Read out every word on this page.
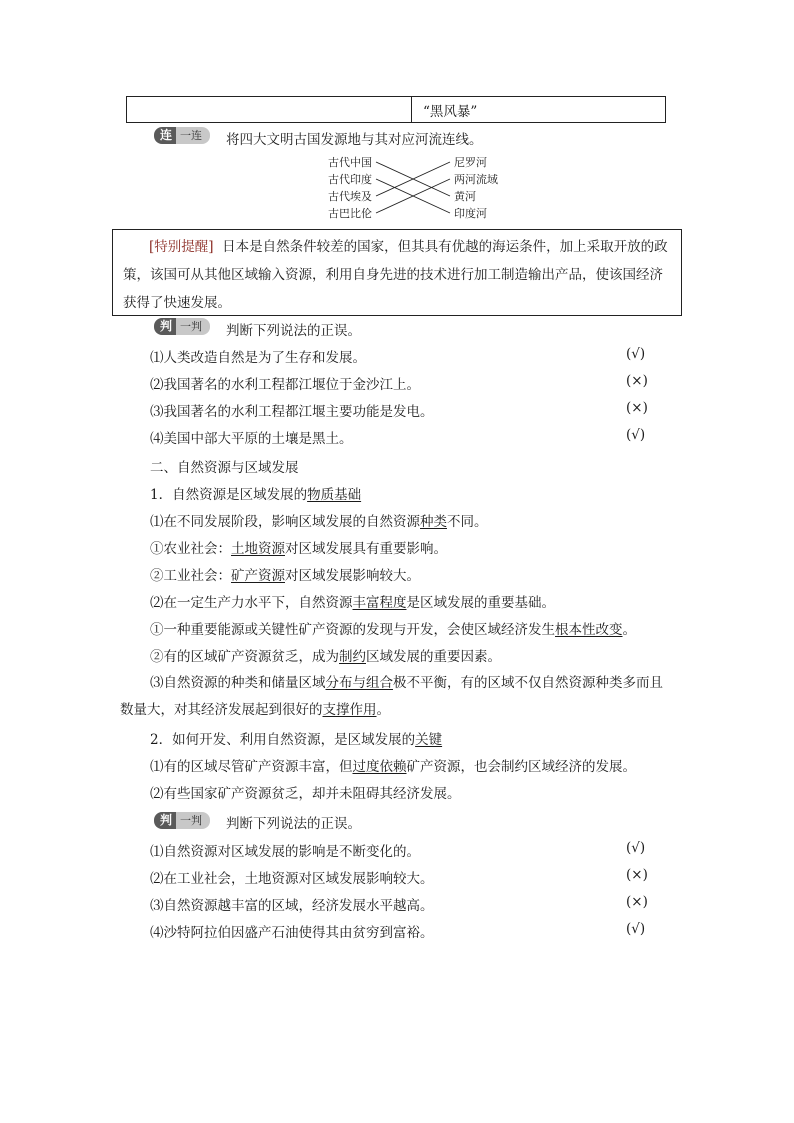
“黑风暴”
连 一连	将四大文明古国发源地与其对应河流连线。
古代中国
古代印度
古代埃及
古巴比伦
尼罗河
两河流域
黄河
印度河
[特别提醒] 日本是自然条件较差的国家，但其具有优越的海运条件，加上采取开放的政策，该国可从其他区域输入资源，利用自身先进的技术进行加工制造输出产品，使该国经济获得了快速发展。
判 一判	判断下列说法的正误。
⑴人类改造自然是为了生存和发展。	(√)
⑵我国著名的水利工程都江堰位于金沙江上。	(×)
⑶我国著名的水利工程都江堰主要功能是发电。	(×)
⑷美国中部大平原的土壤是黑土。	(√)
二、自然资源与区域发展
1．自然资源是区域发展的物质基础
⑴在不同发展阶段，影响区域发展的自然资源种类不同。
①农业社会：土地资源对区域发展具有重要影响。
②工业社会：矿产资源对区域发展影响较大。
⑵在一定生产力水平下，自然资源丰富程度是区域发展的重要基础。
①一种重要能源或关键性矿产资源的发现与开发，会使区域经济发生根本性改变。
②有的区域矿产资源贫乏，成为制约区域发展的重要因素。
⑶自然资源的种类和储量区域分布与组合极不平衡，有的区域不仅自然资源种类多而且数量大，对其经济发展起到很好的支撑作用。
2．如何开发、利用自然资源，是区域发展的关键
⑴有的区域尽管矿产资源丰富，但过度依赖矿产资源，也会制约区域经济的发展。
⑵有些国家矿产资源贫乏，却并未阻碍其经济发展。
判 一判	判断下列说法的正误。
⑴自然资源对区域发展的影响是不断变化的。	(√)
⑵在工业社会，土地资源对区域发展影响较大。	(×)
⑶自然资源越丰富的区域，经济发展水平越高。	(×)
⑷沙特阿拉伯因盛产石油使得其由贫穷到富裕。	(√)
